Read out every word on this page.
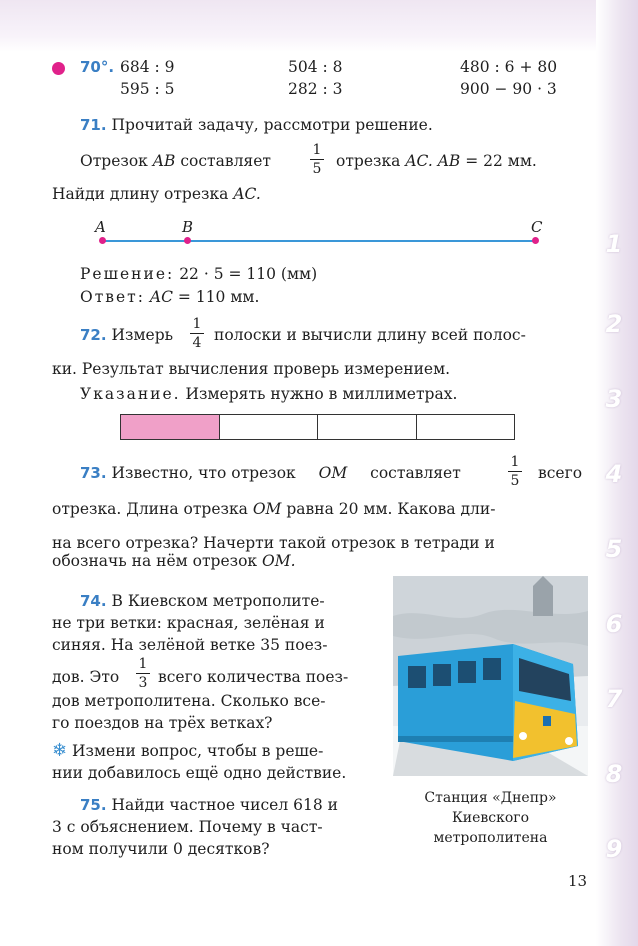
1
2
3
4
5
6
7
8
9
70°. 684 : 9	504 : 8	480 : 6 + 80
595 : 5	282 : 3	900 − 90 · 3
71. Прочитай задачу, рассмотри решение.
Отрезок AB составляет
1
5 отрезка AC. AB = 22 мм.
Найди длину отрезка AC.
A	B	C
Решение: 22 · 5 = 110 (мм)
Ответ: AC = 110 мм.
72. Измерь
1
4 полоски и вычисли длину всей полос-
ки. Результат вычисления проверь измерением.
Указание. Измерять нужно в миллиметрах.
73. Известно, что отрезок OM составляет
1
5 всего
отрезка. Длина отрезка OM равна 20 мм. Какова дли-
на всего отрезка? Начерти такой отрезок в тетради и
обозначь на нём отрезок OM.
74. В Киевском метрополите-
не три ветки: красная, зелёная и
синяя. На зелёной ветке 35 поез-
дов. Это
1
3 всего количества поез-
дов метрополитена. Сколько все-
го поездов на трёх ветках?
❄ Измени вопрос, чтобы в реше-
нии добавилось ещё одно действие.
75. Найди частное чисел 618 и
3 с объяснением. Почему в част-
ном получили 0 десятков?
Станция «Днепр»
Киевского
метрополитена
13
